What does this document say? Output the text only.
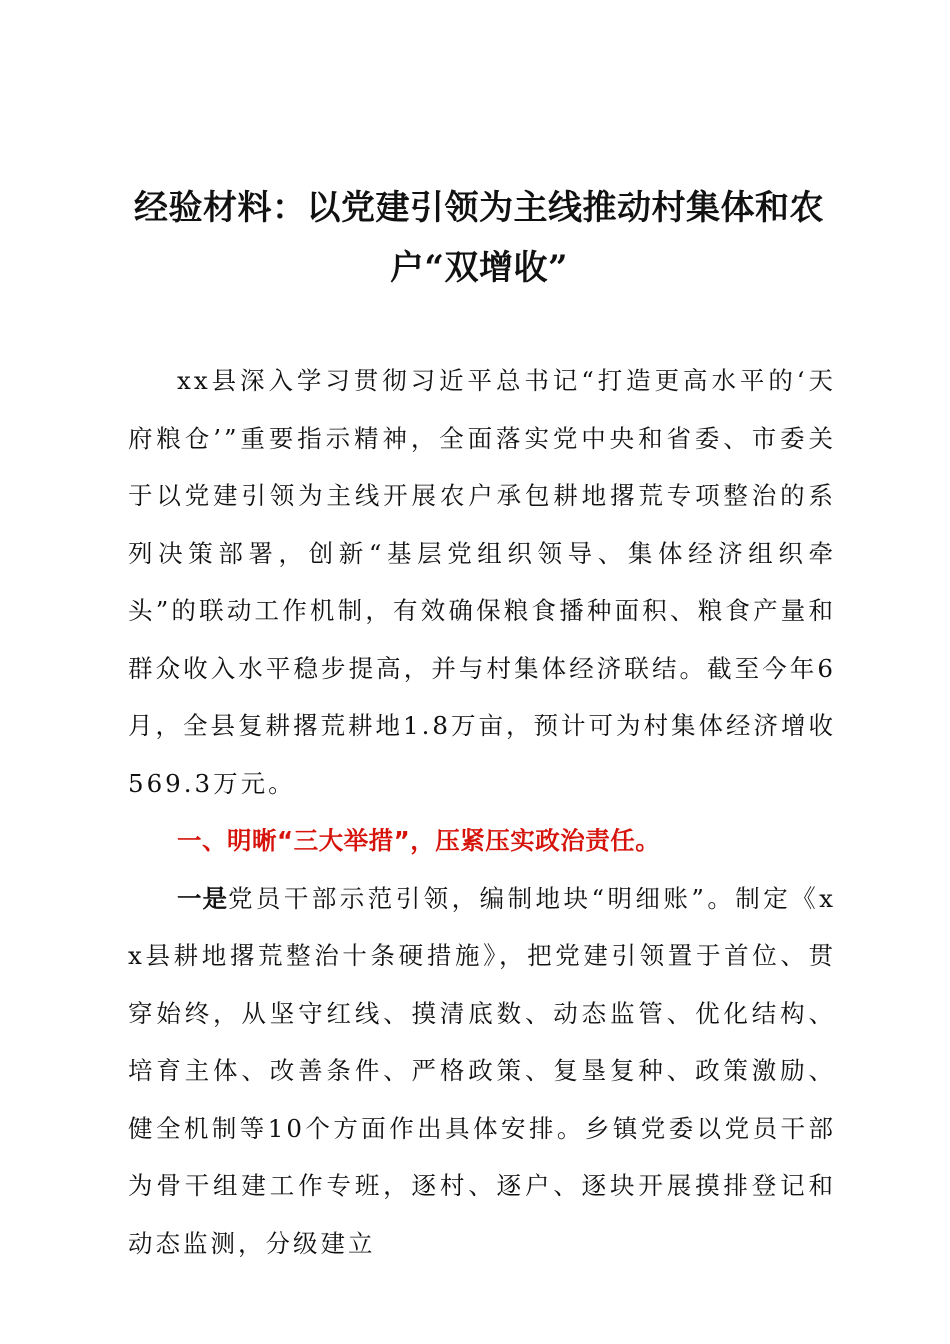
经验材料：以党建引领为主线推动村集体和农户“双增收”

xx县深入学习贯彻习近平总书记“打造更高水平的‘天府粮仓’”重要指示精神，全面落实党中央和省委、市委关于以党建引领为主线开展农户承包耕地撂荒专项整治的系列决策部署，创新“基层党组织领导、集体经济组织牵头”的联动工作机制，有效确保粮食播种面积、粮食产量和群众收入水平稳步提高，并与村集体经济联结。截至今年6月，全县复耕撂荒耕地1.8万亩，预计可为村集体经济增收569.3万元。

一、明晰“三大举措”，压紧压实政治责任。

一是党员干部示范引领，编制地块“明细账”。制定《xx县耕地撂荒整治十条硬措施》，把党建引领置于首位、贯穿始终，从坚守红线、摸清底数、动态监管、优化结构、培育主体、改善条件、严格政策、复垦复种、政策激励、健全机制等10个方面作出具体安排。乡镇党委以党员干部为骨干组建工作专班，逐村、逐户、逐块开展摸排登记和动态监测，分级建立
